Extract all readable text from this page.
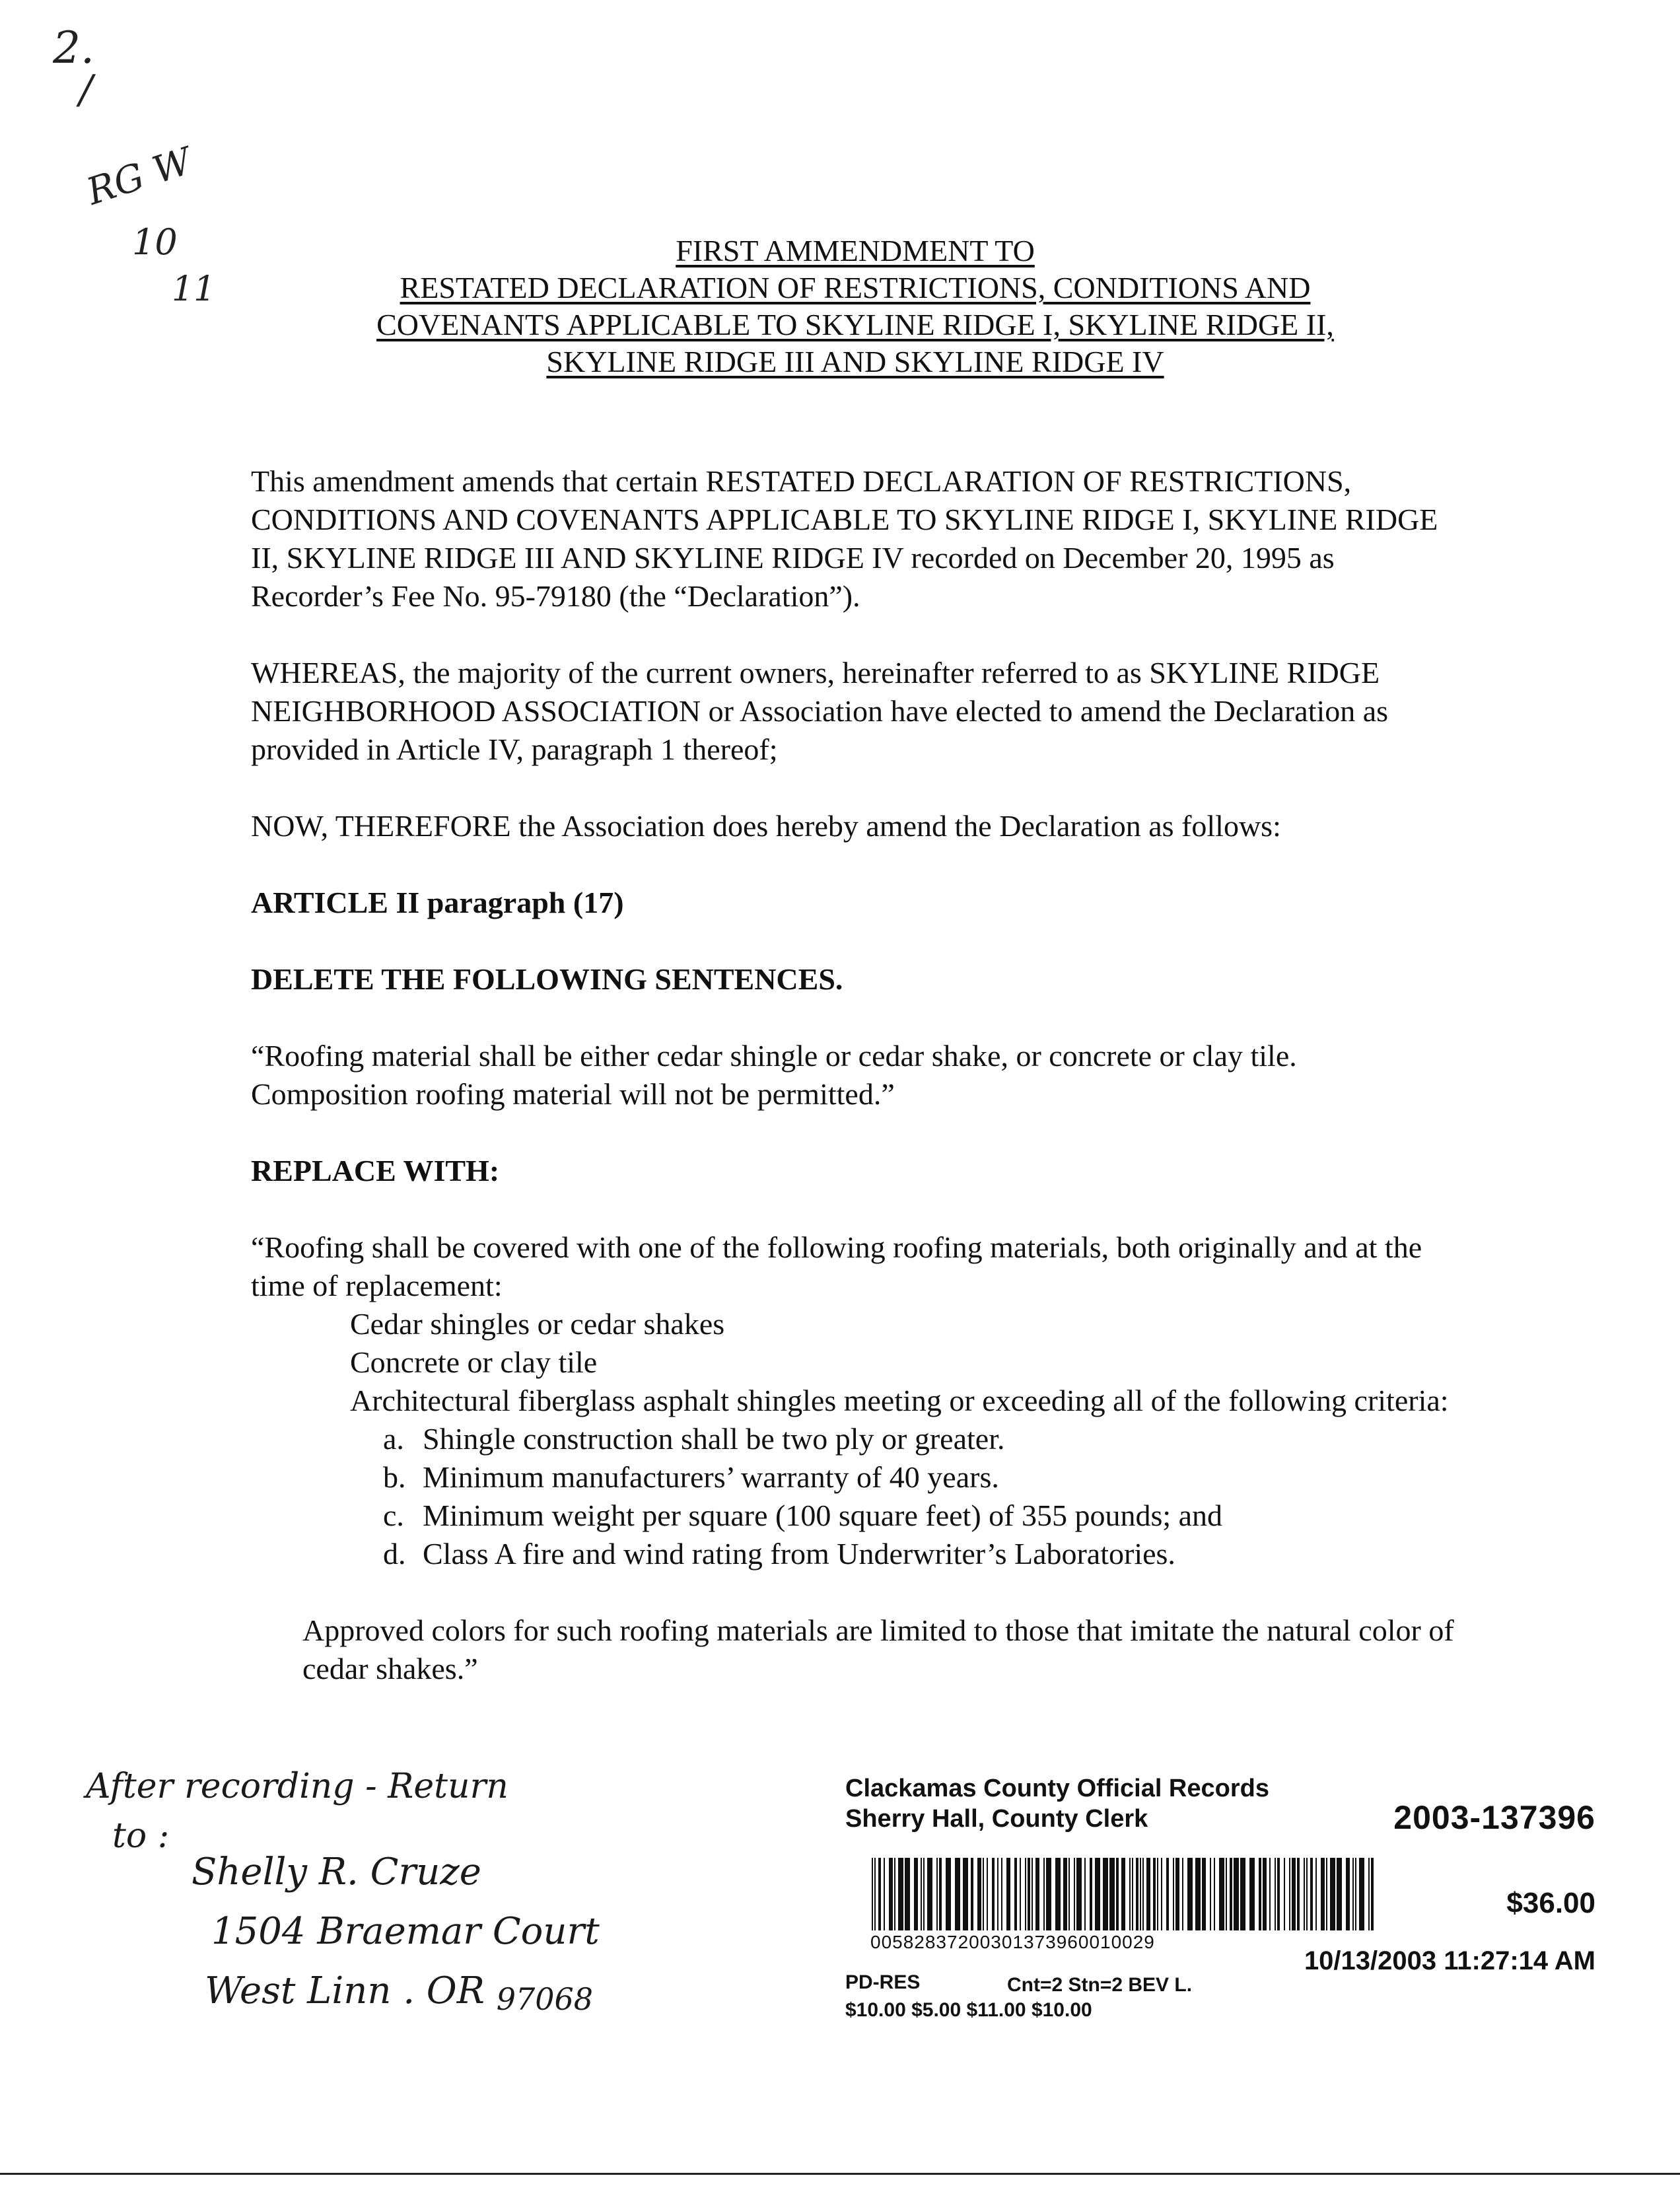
2.
/
RG W
10
11
FIRST AMMENDMENT TO
RESTATED DECLARATION OF RESTRICTIONS, CONDITIONS AND
COVENANTS APPLICABLE TO SKYLINE RIDGE I, SKYLINE RIDGE II,
SKYLINE RIDGE III AND SKYLINE RIDGE IV

This amendment amends that certain RESTATED DECLARATION OF RESTRICTIONS, CONDITIONS AND COVENANTS APPLICABLE TO SKYLINE RIDGE I, SKYLINE RIDGE II, SKYLINE RIDGE III AND SKYLINE RIDGE IV recorded on December 20, 1995 as Recorder’s Fee No. 95-79180 (the “Declaration”).

WHEREAS, the majority of the current owners, hereinafter referred to as SKYLINE RIDGE NEIGHBORHOOD ASSOCIATION or Association have elected to amend the Declaration as provided in Article IV, paragraph 1 thereof;

NOW, THEREFORE the Association does hereby amend the Declaration as follows:

ARTICLE II paragraph (17)

DELETE THE FOLLOWING SENTENCES.

“Roofing material shall be either cedar shingle or cedar shake, or concrete or clay tile. Composition roofing material will not be permitted.”

REPLACE WITH:

“Roofing shall be covered with one of the following roofing materials, both originally and at the time of replacement:
Cedar shingles or cedar shakes
Concrete or clay tile
Architectural fiberglass asphalt shingles meeting or exceeding all of the following criteria:
a. Shingle construction shall be two ply or greater.
b. Minimum manufacturers’ warranty of 40 years.
c. Minimum weight per square (100 square feet) of 355 pounds; and
d. Class A fire and wind rating from Underwriter’s Laboratories.
Approved colors for such roofing materials are limited to those that imitate the natural color of cedar shakes.”
After recording - Return
to :
Shelly R. Cruze
1504 Braemar Court
West Linn . OR 97068
Clackamas County Official Records
Sherry Hall, County Clerk	2003-137396
00582837200301373960010029
$36.00
10/13/2003 11:27:14 AM
PD-RES	Cnt=2 Stn=2 BEV L.
$10.00 $5.00 $11.00 $10.00
